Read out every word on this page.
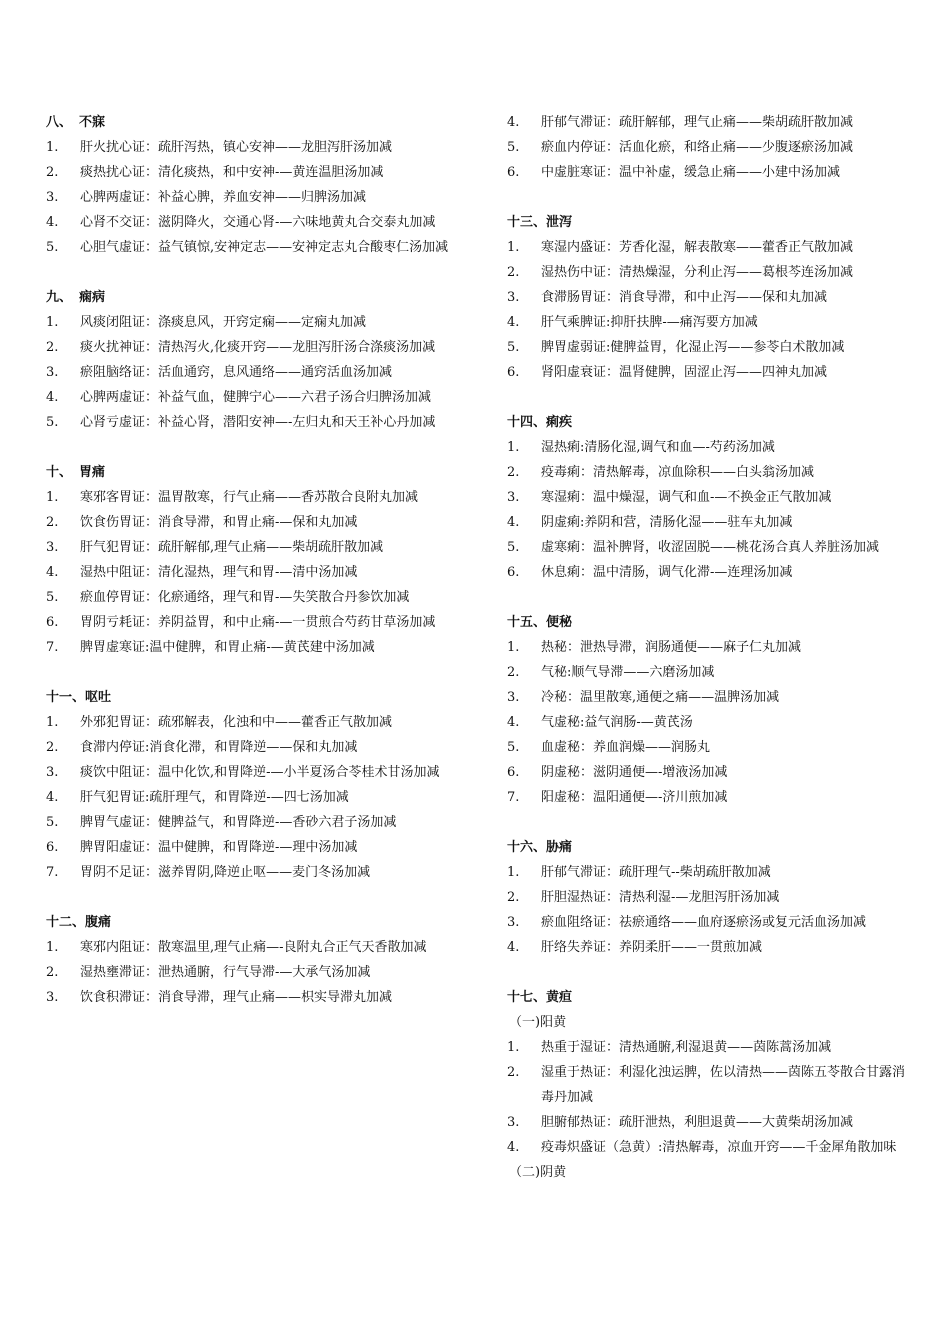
八、 不寐
1.	肝火扰心证：疏肝泻热，镇心安神——龙胆泻肝汤加减
2.	痰热扰心证：清化痰热，和中安神-—黄连温胆汤加减
3.	心脾两虚证：补益心脾，养血安神——归脾汤加减
4.	心肾不交证：滋阴降火，交通心肾-—六味地黄丸合交泰丸加减
5.	心胆气虚证：益气镇惊,安神定志——安神定志丸合酸枣仁汤加减
九、 痫病
1.	风痰闭阻证：涤痰息风，开窍定痫——定痫丸加减
2.	痰火扰神证：清热泻火,化痰开窍——龙胆泻肝汤合涤痰汤加减
3.	瘀阻脑络证：活血通窍，息风通络——通窍活血汤加减
4.	心脾两虚证：补益气血，健脾宁心——六君子汤合归脾汤加减
5.	心肾亏虚证：补益心肾，潜阳安神—-左归丸和天王补心丹加减
十、 胃痛
1.	寒邪客胃证：温胃散寒，行气止痛——香苏散合良附丸加减
2.	饮食伤胃证：消食导滞，和胃止痛-—保和丸加减
3.	肝气犯胃证：疏肝解郁,理气止痛——柴胡疏肝散加减
4.	湿热中阻证：清化湿热，理气和胃-—清中汤加减
5.	瘀血停胃证：化瘀通络，理气和胃-—失笑散合丹参饮加减
6.	胃阴亏耗证：养阴益胃，和中止痛-—一贯煎合芍药甘草汤加减
7.	脾胃虚寒证:温中健脾，和胃止痛-—黄芪建中汤加减
十一、呕吐
1.	外邪犯胃证：疏邪解表，化浊和中——藿香正气散加减
2.	食滞内停证:消食化滞，和胃降逆——保和丸加减
3.	痰饮中阻证：温中化饮,和胃降逆-—小半夏汤合苓桂术甘汤加减
4.	肝气犯胃证:疏肝理气，和胃降逆-—四七汤加减
5.	脾胃气虚证：健脾益气，和胃降逆-—香砂六君子汤加减
6.	脾胃阳虚证：温中健脾，和胃降逆-—理中汤加减
7.	胃阴不足证：滋养胃阴,降逆止呕——麦门冬汤加减
十二、腹痛
1.	寒邪内阻证：散寒温里,理气止痛—-良附丸合正气天香散加减
2.	湿热壅滞证：泄热通腑，行气导滞-—大承气汤加减
3.	饮食积滞证：消食导滞，理气止痛——枳实导滞丸加减
4.	肝郁气滞证：疏肝解郁，理气止痛——柴胡疏肝散加减
5.	瘀血内停证：活血化瘀，和络止痛——少腹逐瘀汤加减
6.	中虚脏寒证：温中补虚，缓急止痛——小建中汤加减
十三、泄泻
1.	寒湿内盛证：芳香化湿，解表散寒——藿香正气散加减
2.	湿热伤中证：清热燥湿，分利止泻——葛根芩连汤加减
3.	食滞肠胃证：消食导滞，和中止泻——保和丸加减
4.	肝气乘脾证:抑肝扶脾-—痛泻要方加减
5.	脾胃虚弱证:健脾益胃，化湿止泻——参苓白术散加减
6.	肾阳虚衰证：温肾健脾，固涩止泻——四神丸加减
十四、痢疾
1.	湿热痢:清肠化湿,调气和血—-芍药汤加减
2.	疫毒痢：清热解毒，凉血除积——白头翁汤加减
3.	寒湿痢：温中燥湿，调气和血-—不换金正气散加减
4.	阴虚痢:养阴和营，清肠化湿——驻车丸加减
5.	虚寒痢：温补脾肾，收涩固脱——桃花汤合真人养脏汤加减
6.	休息痢：温中清肠，调气化滞-—连理汤加减
十五、便秘
1.	热秘：泄热导滞，润肠通便——麻子仁丸加减
2.	气秘:顺气导滞——六磨汤加减
3.	冷秘：温里散寒,通便之痛——温脾汤加减
4.	气虚秘:益气润肠-—黄芪汤
5.	血虚秘：养血润燥——润肠丸
6.	阴虚秘：滋阴通便—-增液汤加减
7.	阳虚秘：温阳通便—-济川煎加减
十六、胁痛
1.	肝郁气滞证：疏肝理气--柴胡疏肝散加减
2.	肝胆湿热证：清热利湿-—龙胆泻肝汤加减
3.	瘀血阻络证：祛瘀通络——血府逐瘀汤或复元活血汤加减
4.	肝络失养证：养阴柔肝——一贯煎加减
十七、黄疸
（一)阳黄
1.	热重于湿证：清热通腑,利湿退黄——茵陈蒿汤加减
2.	湿重于热证：利湿化浊运脾，佐以清热——茵陈五苓散合甘露消毒丹加减
3.	胆腑郁热证：疏肝泄热，利胆退黄——大黄柴胡汤加减
4.	疫毒炽盛证（急黄）:清热解毒，凉血开窍——千金犀角散加味
（二)阴黄
